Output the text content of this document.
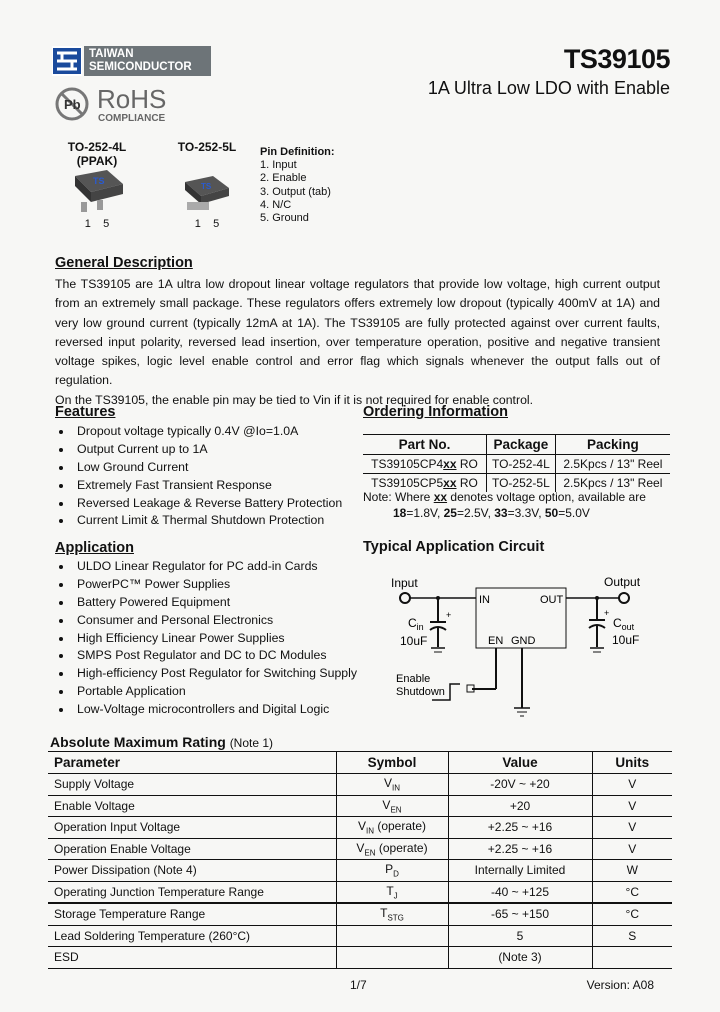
TAIWAN
SEMICONDUCTOR
Pb RoHS
COMPLIANCE
TS39105
1A Ultra Low LDO with Enable
TO-252-4L
(PPAK)
TS
1    5
TO-252-5L
TS
1    5
Pin Definition:
1. Input
2. Enable
3. Output (tab)
4. N/C
5. Ground
General Description
The TS39105 are 1A ultra low dropout linear voltage regulators that provide low voltage, high current output from an extremely small package. These regulators offers extremely low dropout (typically 400mV at 1A) and very low ground current (typically 12mA at 1A). The TS39105 are fully protected against over current faults, reversed input polarity, reversed lead insertion, over temperature operation, positive and negative transient voltage spikes, logic level enable control and error flag which signals whenever the output falls out of regulation.
On the TS39105, the enable pin may be tied to Vin if it is not required for enable control.
Features
Dropout voltage typically 0.4V @Io=1.0A
Output Current up to 1A
Low Ground Current
Extremely Fast Transient Response
Reversed Leakage & Reverse Battery Protection
Current Limit & Thermal Shutdown Protection
Application
ULDO Linear Regulator for PC add-in Cards
PowerPC™ Power Supplies
Battery Powered Equipment
Consumer and Personal Electronics
High Efficiency Linear Power Supplies
SMPS Post Regulator and DC to DC Modules
High-efficiency Post Regulator for Switching Supply
Portable Application
Low-Voltage microcontrollers and Digital Logic
Ordering Information
Part No.	Package	Packing
TS39105CP4xx RO	TO-252-4L	2.5Kpcs / 13" Reel
TS39105CP5xx RO	TO-252-5L	2.5Kpcs / 13" Reel
Note: Where xx denotes voltage option, available are
18=1.8V, 25=2.5V, 33=3.3V, 50=5.0V
Typical Application Circuit
Input	Output
IN	OUT
EN GND
$C_{in}$
10uF
$C_{out}$
10uF
+	+
Enable
Shutdown
Absolute Maximum Rating (Note 1)
Parameter	Symbol	Value	Units
Supply Voltage	$V_{IN}$	-20V ~ +20	V
Enable Voltage	$V_{EN}$	+20	V
Operation Input Voltage	$V_{IN}$ (operate)	+2.25 ~ +16	V
Operation Enable Voltage	$V_{EN}$ (operate)	+2.25 ~ +16	V
Power Dissipation (Note 4)	$P_D$	Internally Limited	W
Operating Junction Temperature Range	$T_J$	-40 ~ +125	°C
Storage Temperature Range	$T_{STG}$	-65 ~ +150	°C
Lead Soldering Temperature (260°C)		5	S
ESD		(Note 3)	
1/7	Version: A08
